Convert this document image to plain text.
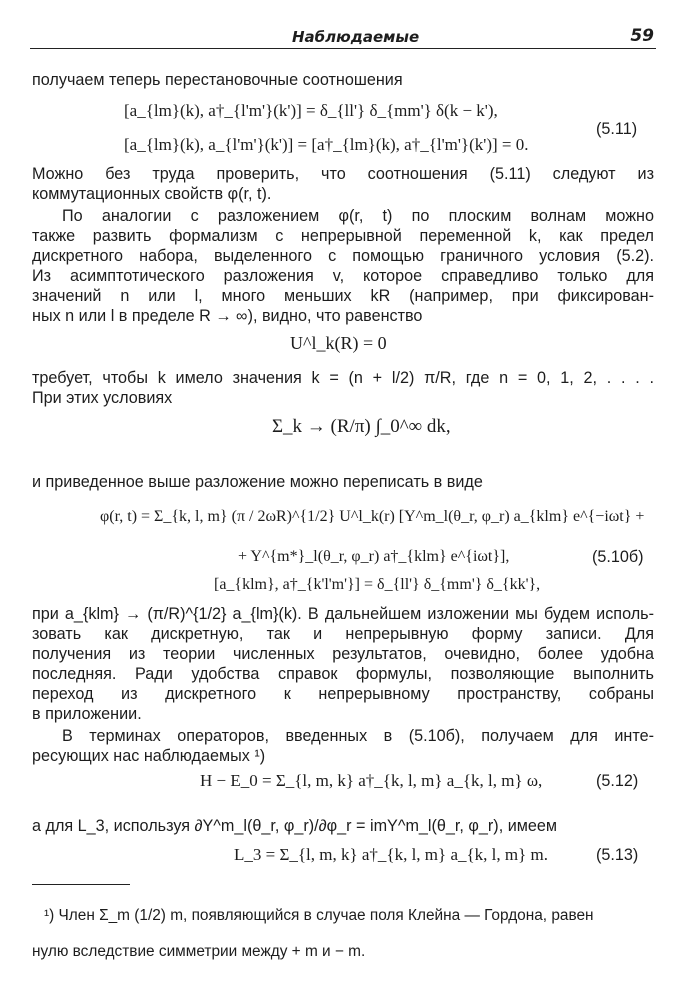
Наблюдаемые	59
получаем теперь перестановочные соотношения
[a_{lm}(k), a†_{l'm'}(k')] = δ_{ll'} δ_{mm'} δ(k − k'),
[a_{lm}(k), a_{l'm'}(k')] = [a†_{lm}(k), a†_{l'm'}(k')] = 0.
(5.11)
Можно без труда проверить, что соотношения (5.11) следуют из
коммутационных свойств φ(r, t).
По аналогии с разложением φ(r, t) по плоским волнам можно
также развить формализм с непрерывной переменной k, как предел
дискретного набора, выделенного с помощью граничного условия (5.2).
Из асимптотического разложения v, которое справедливо только для
значений n или l, много меньших kR (например, при фиксирован-
ных n или l в пределе R → ∞), видно, что равенство
U^l_k(R) = 0
требует, чтобы k имело значения k = (n + l/2) π/R, где n = 0, 1, 2, . . . .
При этих условиях
Σ_k → (R/π) ∫_0^∞ dk,
и приведенное выше разложение можно переписать в виде
φ(r, t) = Σ_{k, l, m} (π / 2ωR)^{1/2} U^l_k(r) [Y^m_l(θ_r, φ_r) a_{klm} e^{−iωt} +
+ Y^{m*}_l(θ_r, φ_r) a†_{klm} e^{iωt}],
[a_{klm}, a†_{k'l'm'}] = δ_{ll'} δ_{mm'} δ_{kk'},
(5.10б)
при a_{klm} → (π/R)^{1/2} a_{lm}(k). В дальнейшем изложении мы будем исполь-
зовать как дискретную, так и непрерывную форму записи. Для
получения из теории численных результатов, очевидно, более удобна
последняя. Ради удобства справок формулы, позволяющие выполнить
переход из дискретного к непрерывному пространству, собраны
в приложении.
В терминах операторов, введенных в (5.10б), получаем для инте-
ресующих нас наблюдаемых ¹)
H − E_0 = Σ_{l, m, k} a†_{k, l, m} a_{k, l, m} ω,	(5.12)
а для L_3, используя ∂Y^m_l(θ_r, φ_r)/∂φ_r = imY^m_l(θ_r, φ_r), имеем
L_3 = Σ_{l, m, k} a†_{k, l, m} a_{k, l, m} m.	(5.13)
¹) Член Σ_m (1/2) m, появляющийся в случае поля Клейна — Гордона, равен
нулю вследствие симметрии между + m и − m.
